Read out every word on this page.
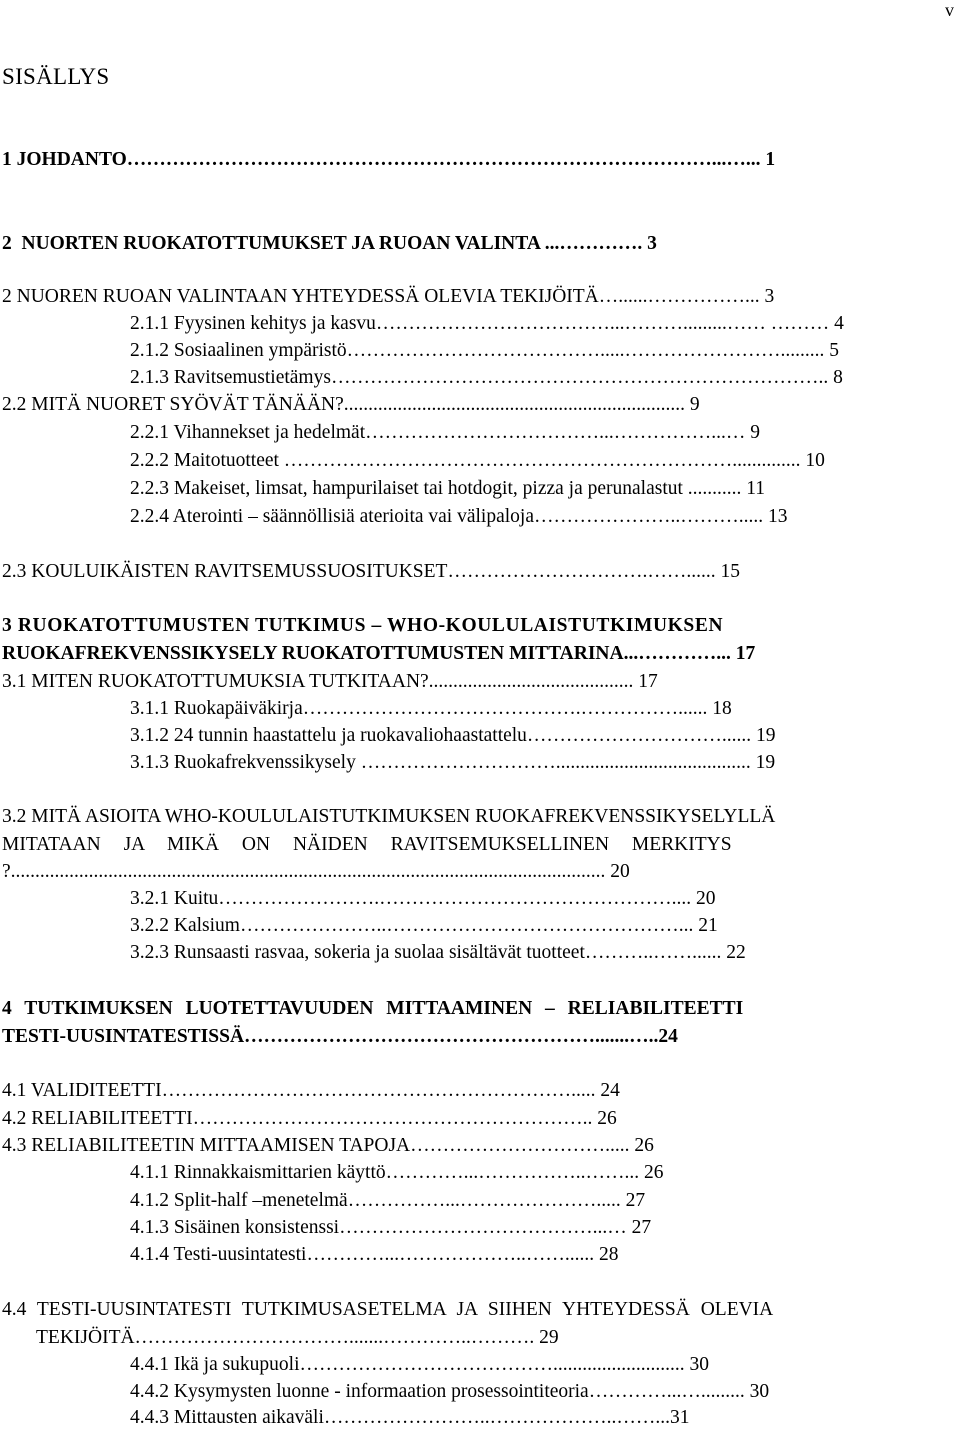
v
SISÄLLYS
1 JOHDANTO………………………………………………………………………………...…... 1
2  NUORTEN RUOKATOTTUMUKSET JA RUOAN VALINTA ...…………. 3
2 NUOREN RUOAN VALINTAAN YHTEYDESSÄ OLEVIA TEKIJÖITÄ…......……………... 3
2.1.1 Fyysinen kehitys ja kasvu………………………………...……….........…… ……… 4
2.1.2 Sosiaalinen ympäristö………………………………….....……………………......... 5
2.1.3 Ravitsemustietämys………………………………………………………………….. 8
2.2 MITÄ NUORET SYÖVÄT TÄNÄÄN?...................................................................... 9
2.2.1 Vihannekset ja hedelmät………………………………...……………...… 9
2.2.2 Maitotuotteet …………………………………………………………….............. 10
2.2.3 Makeiset, limsat, hampurilaiset tai hotdogit, pizza ja perunalastut ........... 11
2.2.4 Aterointi – säännöllisiä aterioita vai välipaloja…………………..………..... 13
2.3 KOULUIKÄISTEN RAVITSEMUSSUOSITUKSET………………………….……...... 15
3 RUOKATOTTUMUSTEN TUTKIMUS – WHO-KOULULAISTUTKIMUKSEN
RUOKAFREKVENSSIKYSELY RUOKATOTTUMUSTEN MITTARINA...…………... 17
3.1 MITEN RUOKATOTTUMUKSIA TUTKITAAN?.......................................... 17
3.1.1 Ruokapäiväkirja…………………………………….……………...... 18
3.1.2 24 tunnin haastattelu ja ruokavaliohaastattelu…………………………...... 19
3.1.3 Ruokafrekvenssikysely …………………………........................................ 19
3.2 MITÄ ASIOITA WHO-KOULULAISTUTKIMUKSEN RUOKAFREKVENSSIKYSELYLLÄ
MITATAAN JA MIKÄ ON NÄIDEN RAVITSEMUKSELLINEN MERKITYS
?.......................................................................................................................... 20
3.2.1 Kuitu…………………….……………………………………….... 20
3.2.2 Kalsium…………………..………………………………………... 21
3.2.3 Runsaasti rasvaa, sokeria ja suolaa sisältävät tuotteet………..……...... 22
4 TUTKIMUKSEN LUOTETTAVUUDEN MITTAAMINEN – RELIABILITEETTI
TESTI-UUSINTATESTISSÄ……………………………………………….......…..24
4.1 VALIDITEETTI………………………………………………………..... 24
4.2 RELIABILITEETTI…………………………………………………….. 26
4.3 RELIABILITEETIN MITTAAMISEN TAPOJA…………………………..... 26
4.1.1 Rinnakkaismittarien käyttö…………...……………..……... 26
4.1.2 Split-half –menetelmä……………...…………………..... 27
4.1.3 Sisäinen konsistenssi…………………………………...… 27
4.1.4 Testi-uusintatesti…………...………………..……...... 28
4.4 TESTI-UUSINTATESTI TUTKIMUSASETELMA JA SIIHEN YHTEYDESSÄ OLEVIA
TEKIJÖITÄ…………………………….......…………..………. 29
4.4.1 Ikä ja sukupuoli…………………………………........................... 30
4.4.2 Kysymysten luonne - informaation prosessointiteoria…………...…......... 30
4.4.3 Mittausten aikaväli……………………..………………..……...31
